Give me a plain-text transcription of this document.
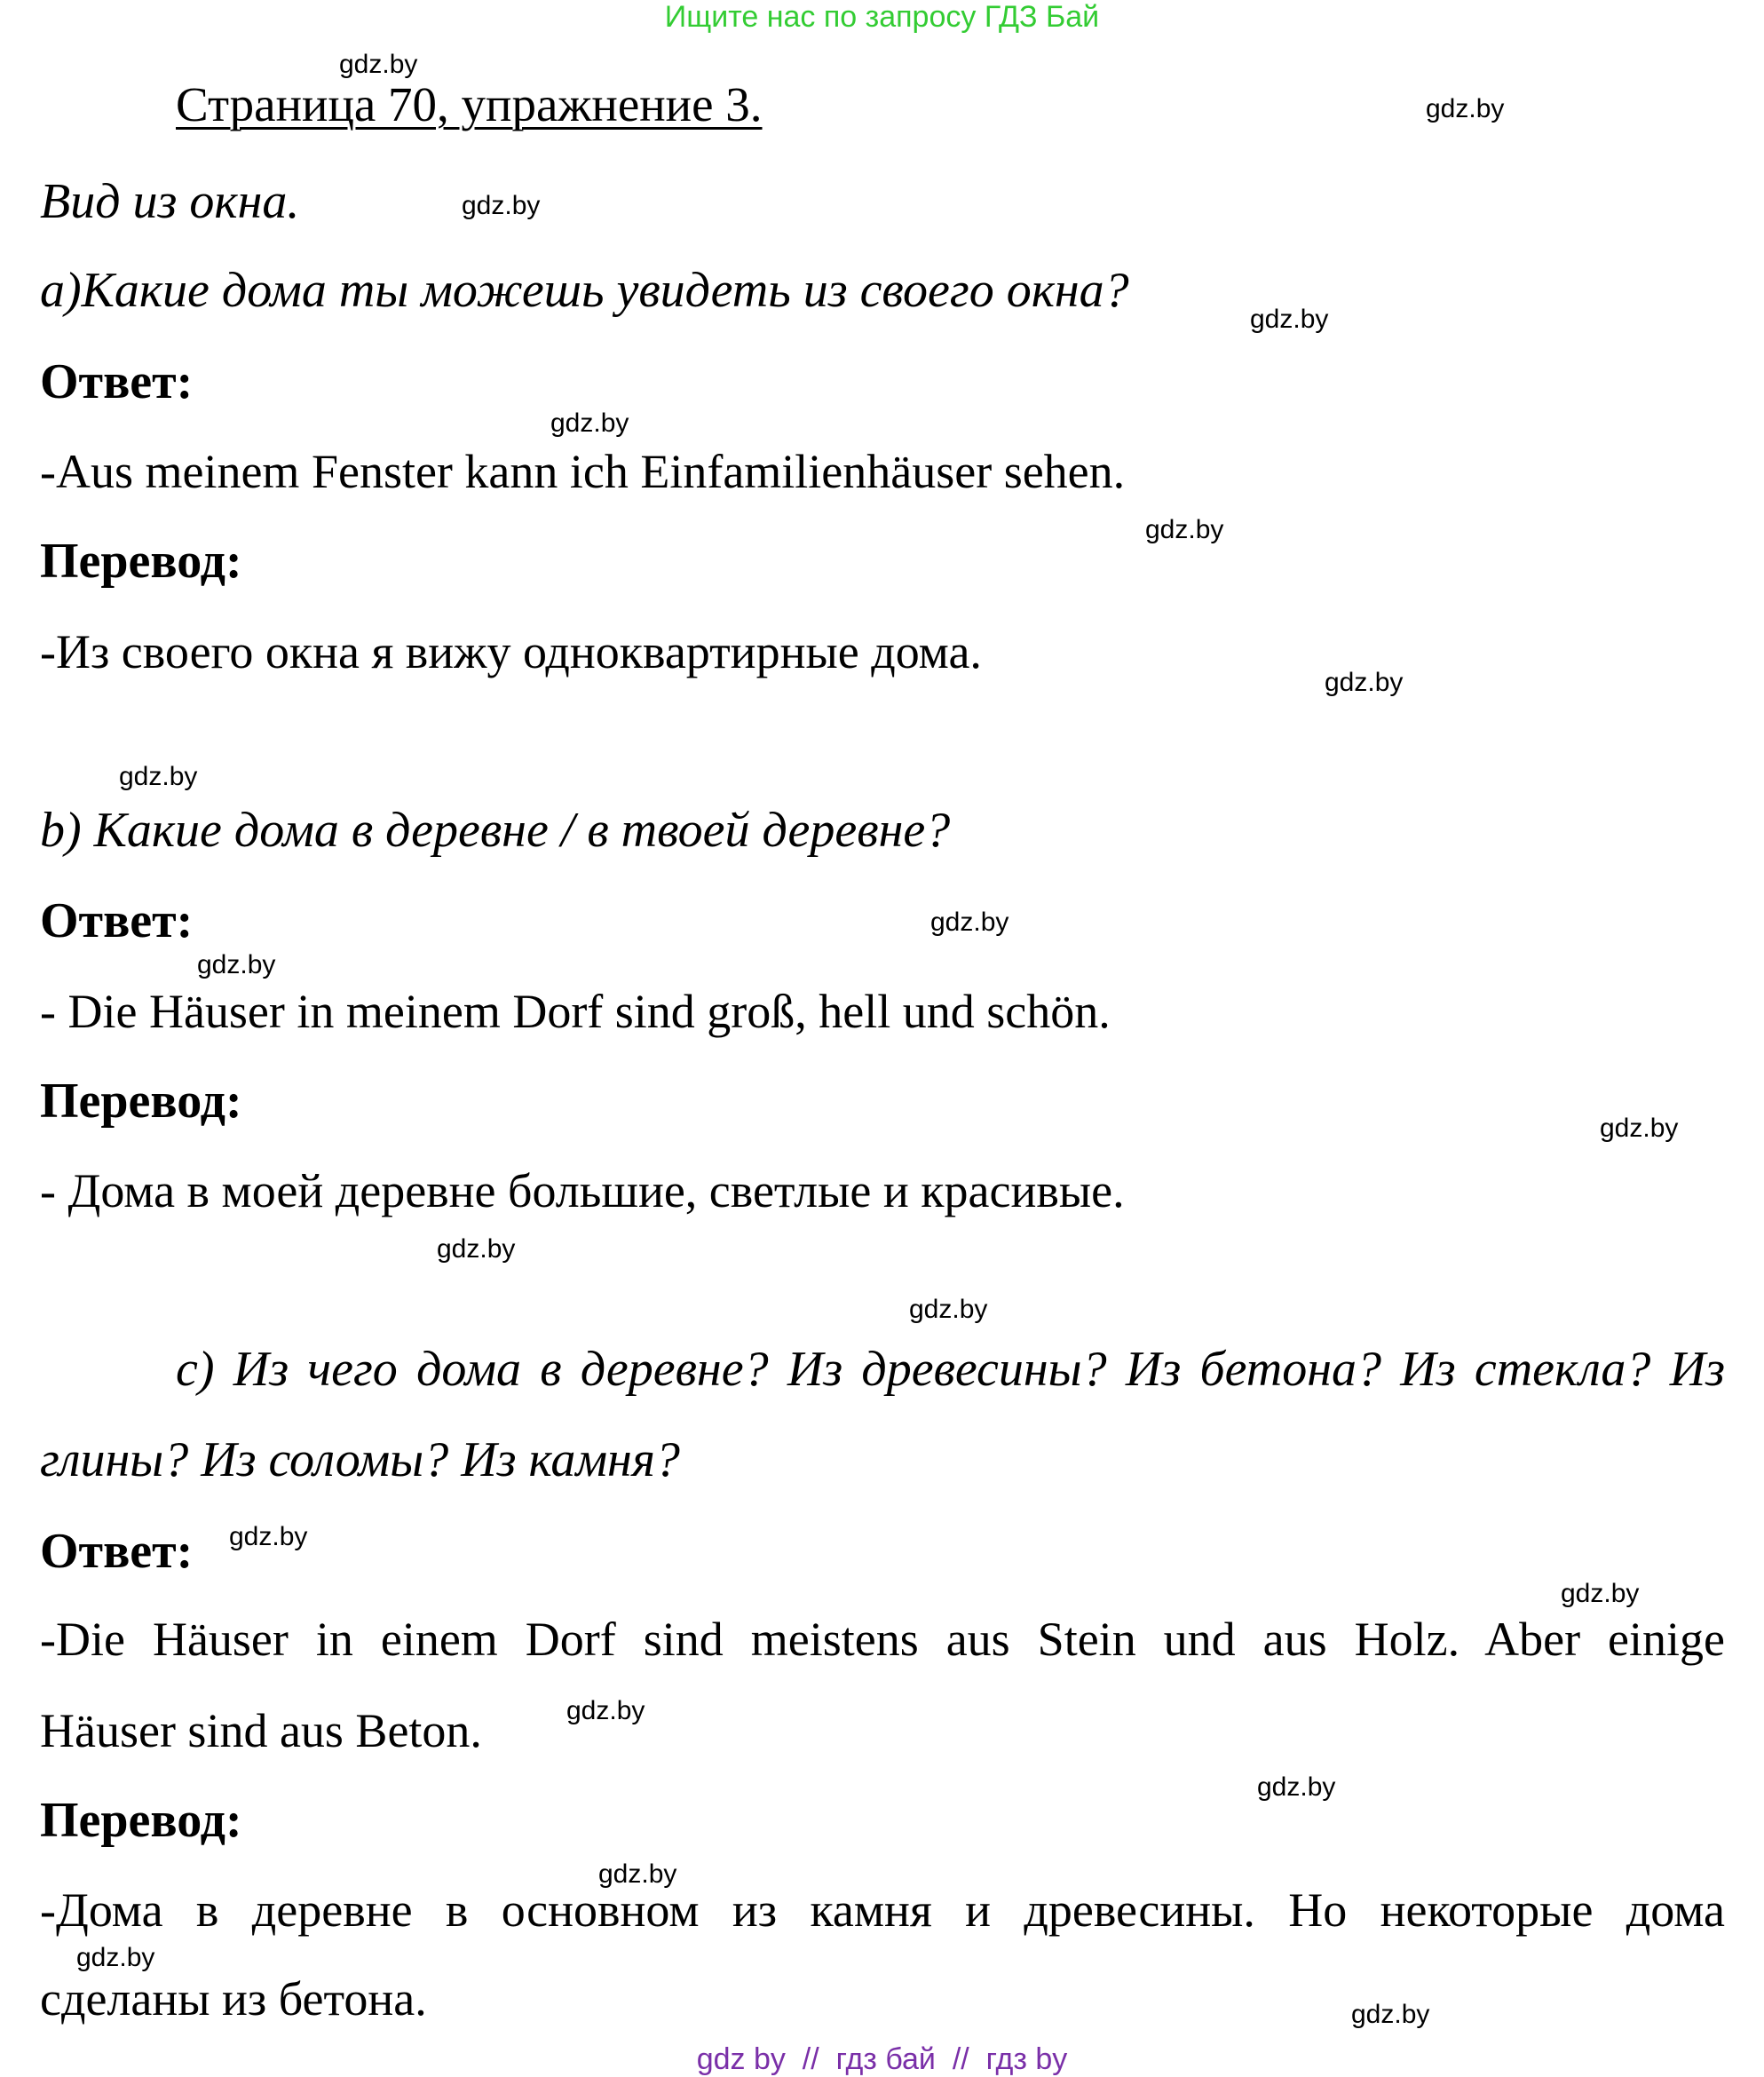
Ищите нас по запросу ГДЗ Бай
Страница 70, упражнение 3.
Вид из окна.
а)Какие дома ты можешь увидеть из своего окна?
Ответ:
-Aus meinem Fenster kann ich Einfamilienhäuser sehen.
Перевод:
-Из своего окна я вижу одноквартирные дома.
b) Какие дома в деревне / в твоей деревне?
Ответ:
- Die Häuser in meinem Dorf sind groß, hell und schön.
Перевод:
- Дома в моей деревне большие, светлые и красивые.
с) Из чего дома в деревне? Из древесины? Из бетона? Из стекла? Из
глины? Из соломы? Из камня?
Ответ:
-Die Häuser in einem Dorf sind meistens aus Stein und aus Holz. Aber einige
Häuser sind aus Beton.
Перевод:
-Дома в деревне в основном из камня и древесины. Но некоторые дома
сделаны из бетона.
gdz.by
gdz.by
gdz.by
gdz.by
gdz.by
gdz.by
gdz.by
gdz.by
gdz.by
gdz.by
gdz.by
gdz.by
gdz.by
gdz.by
gdz.by
gdz.by
gdz.by
gdz.by
gdz.by
gdz.by
gdz by  //  гдз бай  //  гдз by
